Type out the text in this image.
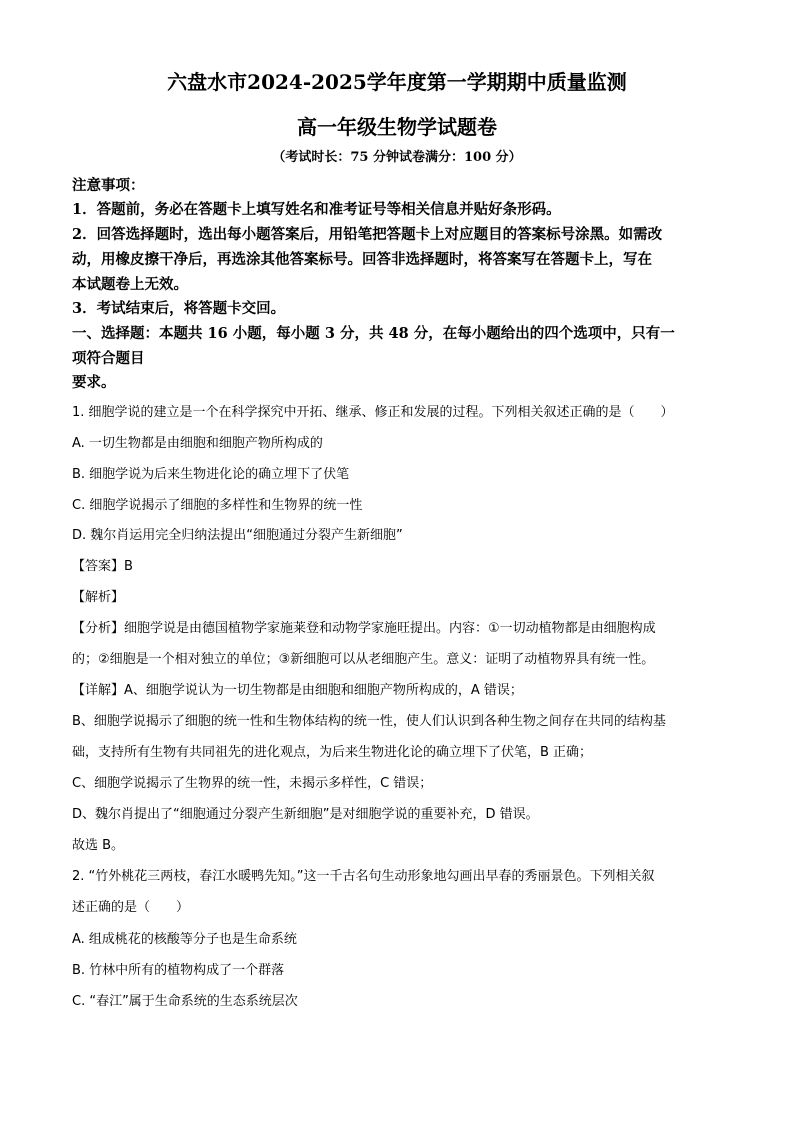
六盘水市2024-2025学年度第一学期期中质量监测
高一年级生物学试题卷
（考试时长：75 分钟试卷满分：100 分）
注意事项：
1．答题前，务必在答题卡上填写姓名和准考证号等相关信息并贴好条形码。
2．回答选择题时，选出每小题答案后，用铅笔把答题卡上对应题目的答案标号涂黑。如需改
动，用橡皮擦干净后，再选涂其他答案标号。回答非选择题时，将答案写在答题卡上，写在
本试题卷上无效。
3．考试结束后，将答题卡交回。
一、选择题：本题共 16 小题，每小题 3 分，共 48 分，在每小题给出的四个选项中，只有一
项符合题目
要求。
1. 细胞学说的建立是一个在科学探究中开拓、继承、修正和发展的过程。下列相关叙述正确的是（　　）
A. 一切生物都是由细胞和细胞产物所构成的
B. 细胞学说为后来生物进化论的确立埋下了伏笔
C. 细胞学说揭示了细胞的多样性和生物界的统一性
D. 魏尔肖运用完全归纳法提出“细胞通过分裂产生新细胞”
【答案】B
【解析】
【分析】细胞学说是由德国植物学家施莱登和动物学家施旺提出。内容：①一切动植物都是由细胞构成
的；②细胞是一个相对独立的单位；③新细胞可以从老细胞产生。意义：证明了动植物界具有统一性。
【详解】A、细胞学说认为一切生物都是由细胞和细胞产物所构成的，A 错误；
B、细胞学说揭示了细胞的统一性和生物体结构的统一性，使人们认识到各种生物之间存在共同的结构基
础，支持所有生物有共同祖先的进化观点，为后来生物进化论的确立埋下了伏笔，B 正确；
C、细胞学说揭示了生物界的统一性，未揭示多样性，C 错误；
D、魏尔肖提出了“细胞通过分裂产生新细胞”是对细胞学说的重要补充，D 错误。
故选 B。
2. “竹外桃花三两枝，春江水暖鸭先知。”这一千古名句生动形象地勾画出早春的秀丽景色。下列相关叙
述正确的是（　　）
A. 组成桃花的核酸等分子也是生命系统
B. 竹林中所有的植物构成了一个群落
C. “春江”属于生命系统的生态系统层次
